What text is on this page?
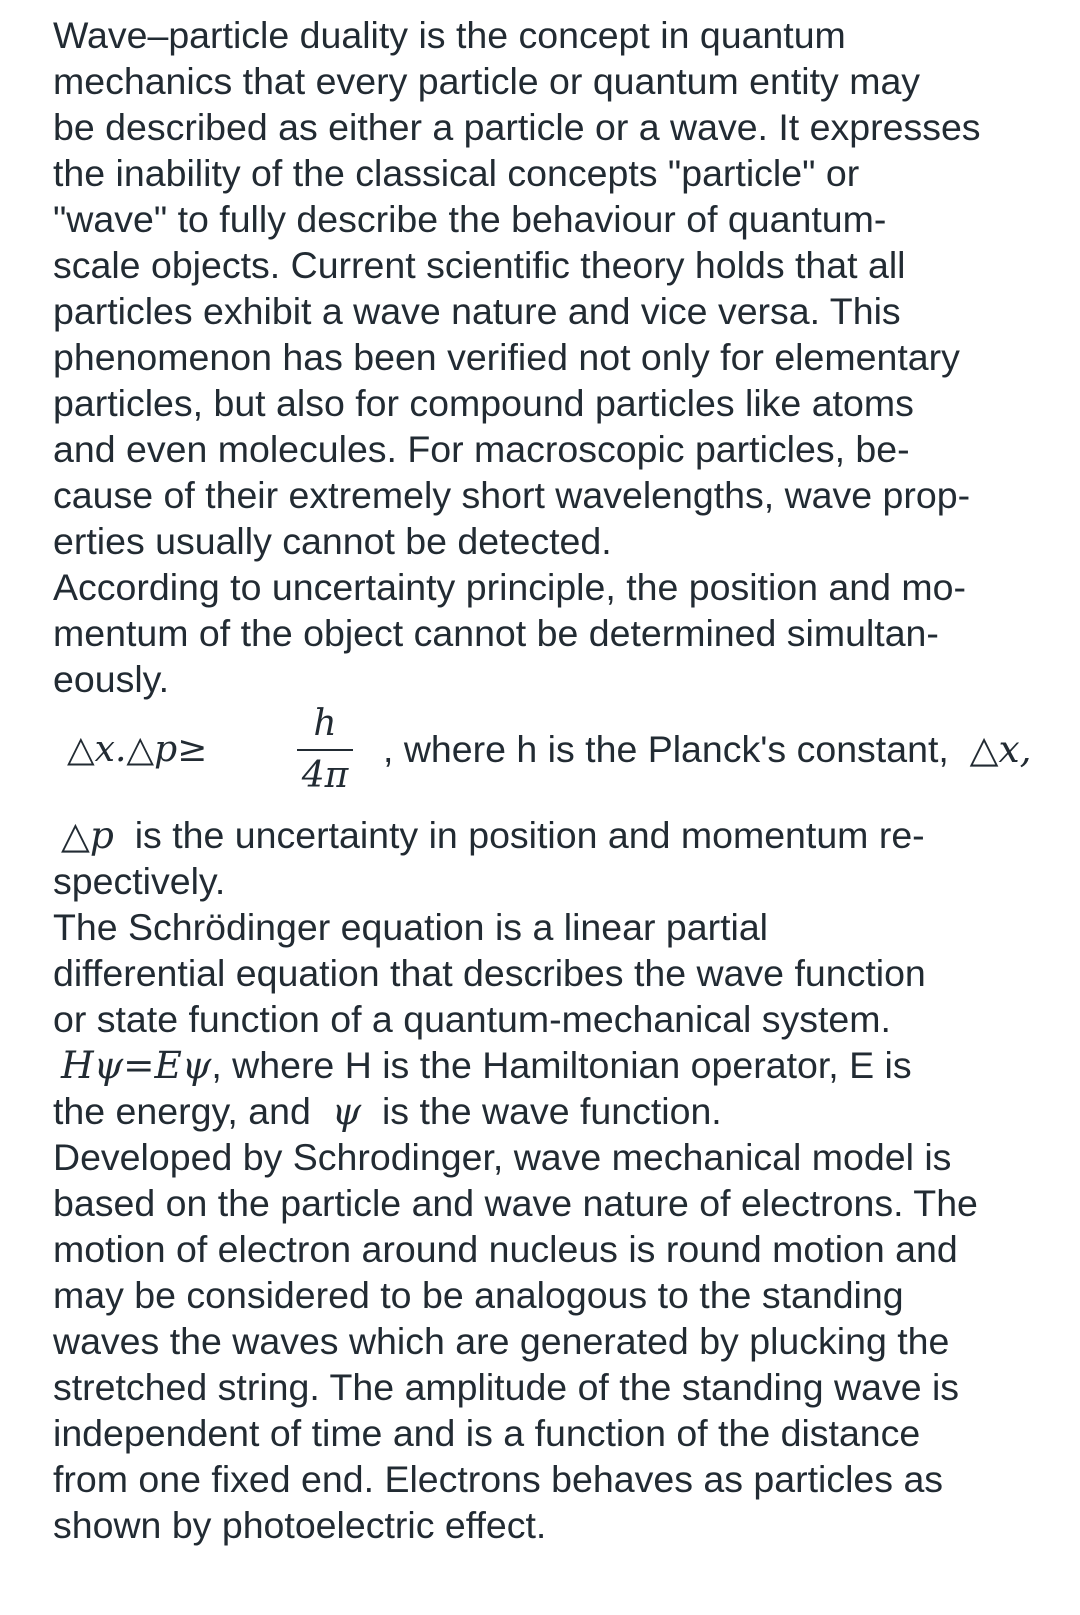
Wave–particle duality is the concept in quantum

mechanics that every particle or quantum entity may

be described as either a particle or a wave. It expresses

the inability of the classical concepts "particle" or

"wave" to fully describe the behaviour of quantum-

scale objects. Current scientific theory holds that all

particles exhibit a wave nature and vice versa. This

phenomenon has been verified not only for elementary

particles, but also for compound particles like atoms

and even molecules. For macroscopic particles, be-

cause of their extremely short wavelengths, wave prop-

erties usually cannot be detected.

According to uncertainty principle, the position and mo-

mentum of the object cannot be determined simultan-

eously.

△x.△p≥
h
4π
, where h is the Planck's constant, △x,

△p is the uncertainty in position and momentum re-

spectively.

The Schrödinger equation is a linear partial

differential equation that describes the wave function

or state function of a quantum-mechanical system.

Hψ=Eψ, where H is the Hamiltonian operator, E is

the energy, and ψ is the wave function.

Developed by Schrodinger, wave mechanical model is

based on the particle and wave nature of electrons. The

motion of electron around nucleus is round motion and

may be considered to be analogous to the standing

waves the waves which are generated by plucking the

stretched string. The amplitude of the standing wave is

independent of time and is a function of the distance

from one fixed end. Electrons behaves as particles as

shown by photoelectric effect.
